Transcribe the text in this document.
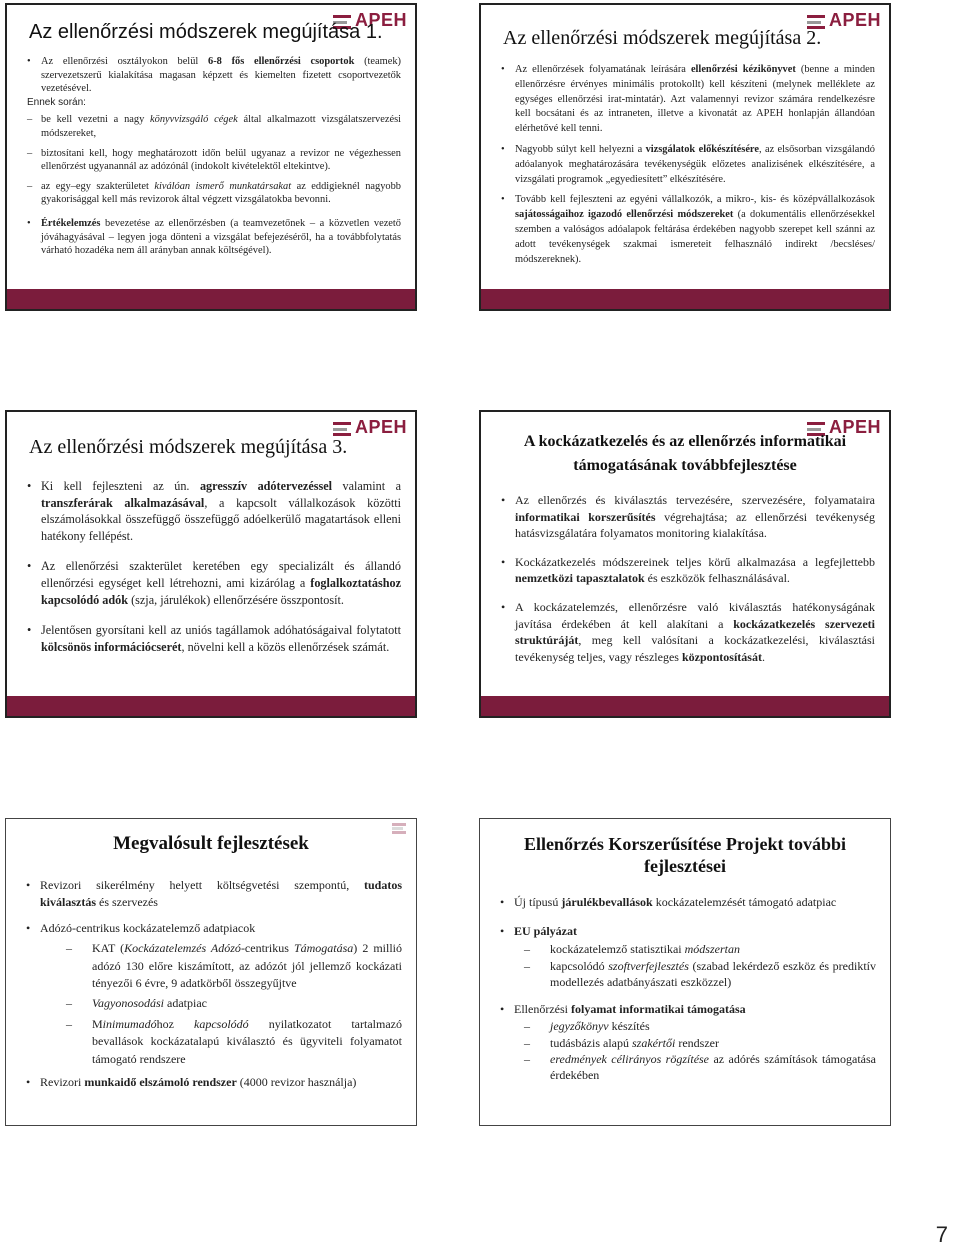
APEH
Az ellenőrzési módszerek megújítása 1.
• Az ellenőrzési osztályokon belül 6-8 fős ellenőrzési csoportok (teamek) szervezetszerű kialakítása magasan képzett és kiemelten fizetett csoportvezetők vezetésével.
Ennek során:
– be kell vezetni a nagy könyvvizsgáló cégek által alkalmazott vizsgálatszervezési módszereket,
– biztosítani kell, hogy meghatározott időn belül ugyanaz a revizor ne végezhessen ellenőrzést ugyanannál az adózónál (indokolt kivételektől eltekintve).
– az egy–egy szakterületet kiválóan ismerő munkatársakat az eddigieknél nagyobb gyakorisággal kell más revizorok által végzett vizsgálatokba bevonni.
• Értékelemzés bevezetése az ellenőrzésben (a teamvezetőnek – a közvetlen vezető jóváhagyásával – legyen joga dönteni a vizsgálat befejezéséről, ha a továbbfolytatás várható hozadéka nem áll arányban annak költségével).
APEH
Az ellenőrzési módszerek megújítása 2.
• Az ellenőrzések folyamatának leírására ellenőrzési kézikönyvet (benne a minden ellenőrzésre érvényes minimális protokollt) kell készíteni (melynek melléklete az egységes ellenőrzési irat-mintatár). Azt valamennyi revizor számára rendelkezésre kell bocsátani és az intraneten, illetve a kivonatát az APEH honlapján állandóan elérhetővé kell tenni.
• Nagyobb súlyt kell helyezni a vizsgálatok előkészítésére, az elsősorban vizsgálandó adóalanyok meghatározására tevékenységük előzetes analizisének elkészítésére, a vizsgálati programok „egyediesített” elkészítésére.
• Tovább kell fejleszteni az egyéni vállalkozók, a mikro-, kis- és középvállalkozások sajátosságaihoz igazodó ellenőrzési módszereket (a dokumentális ellenőrzésekkel szemben a valóságos adóalapok feltárása érdekében nagyobb szerepet kell szánni az adott tevékenységek szakmai ismereteit felhasználó indirekt /becsléses/ módszereknek).
APEH
Az ellenőrzési módszerek megújítása 3.
• Ki kell fejleszteni az ún. agresszív adótervezéssel valamint a transzferárak alkalmazásával, a kapcsolt vállalkozások közötti elszámolásokkal összefüggő összefüggő adóelkerülő magatartások elleni hatékony fellépést.
• Az ellenőrzési szakterület keretében egy specializált és állandó ellenőrzési egységet kell létrehozni, ami kizárólag a foglalkoztatáshoz kapcsolódó adók (szja, járulékok) ellenőrzésére összpontosít.
• Jelentősen gyorsítani kell az uniós tagállamok adóhatóságaival folytatott kölcsönös információcserét, növelni kell a közös ellenőrzések számát.
APEH
A kockázatkezelés és az ellenőrzés informatikai támogatásának továbbfejlesztése
• Az ellenőrzés és kiválasztás tervezésére, szervezésére, folyamataira informatikai korszerűsítés végrehajtása; az ellenőrzési tevékenység hatásvizsgálatára folyamatos monitoring kialakítása.
• Kockázatkezelés módszereinek teljes körű alkalmazása a legfejlettebb nemzetközi tapasztalatok és eszközök felhasználásával.
• A kockázatelemzés, ellenőrzésre való kiválasztás hatékonyságának javítása érdekében át kell alakítani a kockázatkezelés szervezeti struktúráját, meg kell valósítani a kockázatkezelési, kiválasztási tevékenység teljes, vagy részleges központosítását.
Megvalósult fejlesztések
• Revizori sikerélmény helyett költségvetési szempontú, tudatos kiválasztás és szervezés
• Adózó-centrikus kockázatelemző adatpiacok
– KAT (Kockázatelemzés Adózó-centrikus Támogatása) 2 millió adózó 130 előre kiszámított, az adózót jól jellemző kockázati tényezői 6 évre, 9 adatkörből összegyűjtve
– Vagyonosodási adatpiac
– Minimumadóhoz kapcsolódó nyilatkozatot tartalmazó bevallások kockázatalapú kiválasztó és ügyviteli folyamatot támogató rendszere
• Revizori munkaidő elszámoló rendszer (4000 revizor használja)
Ellenőrzés Korszerűsítése Projekt további fejlesztései
• Új típusú járulékbevallások kockázatelemzését támogató adatpiac
• EU pályázat
– kockázatelemző statisztikai módszertan
– kapcsolódó szoftverfejlesztés (szabad lekérdező eszköz és prediktív modellezés adatbányászati eszközzel)
• Ellenőrzési folyamat informatikai támogatása
– jegyzőkönyv készítés
– tudásbázis alapú szakértői rendszer
– eredmények célirányos rögzítése az adórés számítások támogatása érdekében
7
